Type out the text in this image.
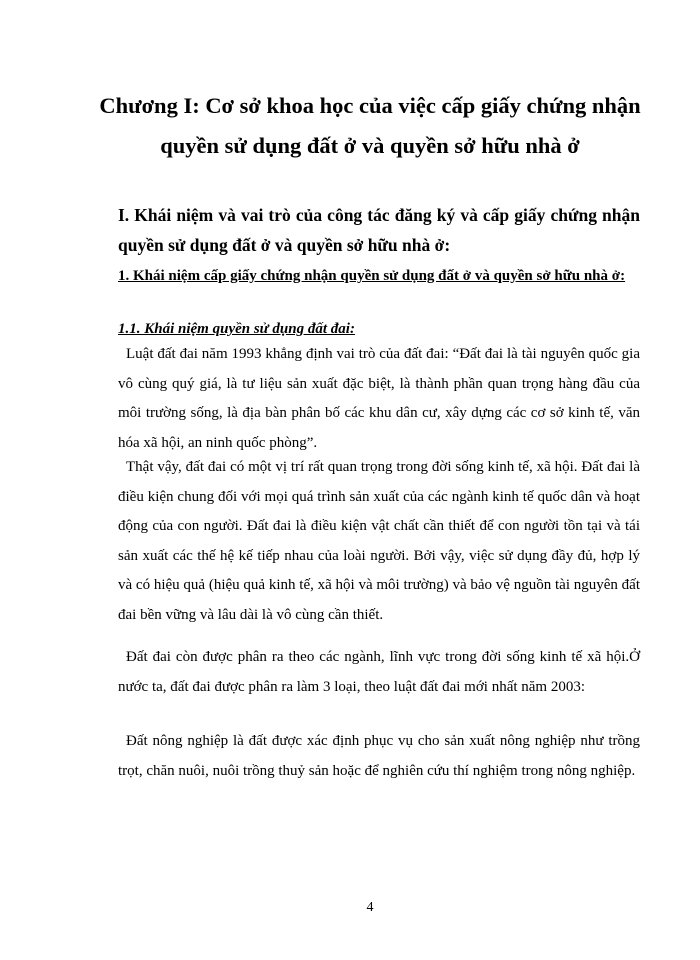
Chương I: Cơ sở khoa học của việc cấp giấy chứng nhận quyền sử dụng đất ở và quyền sở hữu nhà ở
I. Khái niệm và vai trò của công tác đăng ký và cấp giấy chứng nhận quyền sử dụng đất ở và quyền sở hữu nhà ở:
1. Khái niệm cấp giấy chứng nhận quyền sử dụng đất ở và quyền sở hữu nhà ở:
1.1. Khái niệm quyền sử dụng đất đai:

Luật đất đai năm 1993 khẳng định vai trò của đất đai: “Đất đai là tài nguyên quốc gia vô cùng quý giá, là tư liệu sản xuất đặc biệt, là thành phần quan trọng hàng đầu của môi trường sống, là địa bàn phân bố các khu dân cư, xây dựng các cơ sở kinh tế, văn hóa xã hội, an ninh quốc phòng”.

Thật vậy, đất đai có một vị trí rất quan trọng trong đời sống kinh tế, xã hội. Đất đai là điều kiện chung đối với mọi quá trình sản xuất của các ngành kinh tế quốc dân và hoạt động của con người. Đất đai là điều kiện vật chất cần thiết để con người tồn tại và tái sản xuất các thế hệ kế tiếp nhau của loài người. Bởi vậy, việc sử dụng đầy đủ, hợp lý và có hiệu quả (hiệu quả kinh tế, xã hội và môi trường) và bảo vệ nguồn tài nguyên đất đai bền vững và lâu dài là vô cùng cần thiết.

Đất đai còn được phân ra theo các ngành, lĩnh vực trong đời sống kinh tế xã hội.Ở nước ta, đất đai được phân ra làm 3 loại, theo luật đất đai mới nhất năm 2003:

Đất nông nghiệp là đất được xác định phục vụ cho sản xuất nông nghiệp như trồng trọt, chăn nuôi, nuôi trồng thuỷ sản hoặc để nghiên cứu thí nghiệm trong nông nghiệp.

4
